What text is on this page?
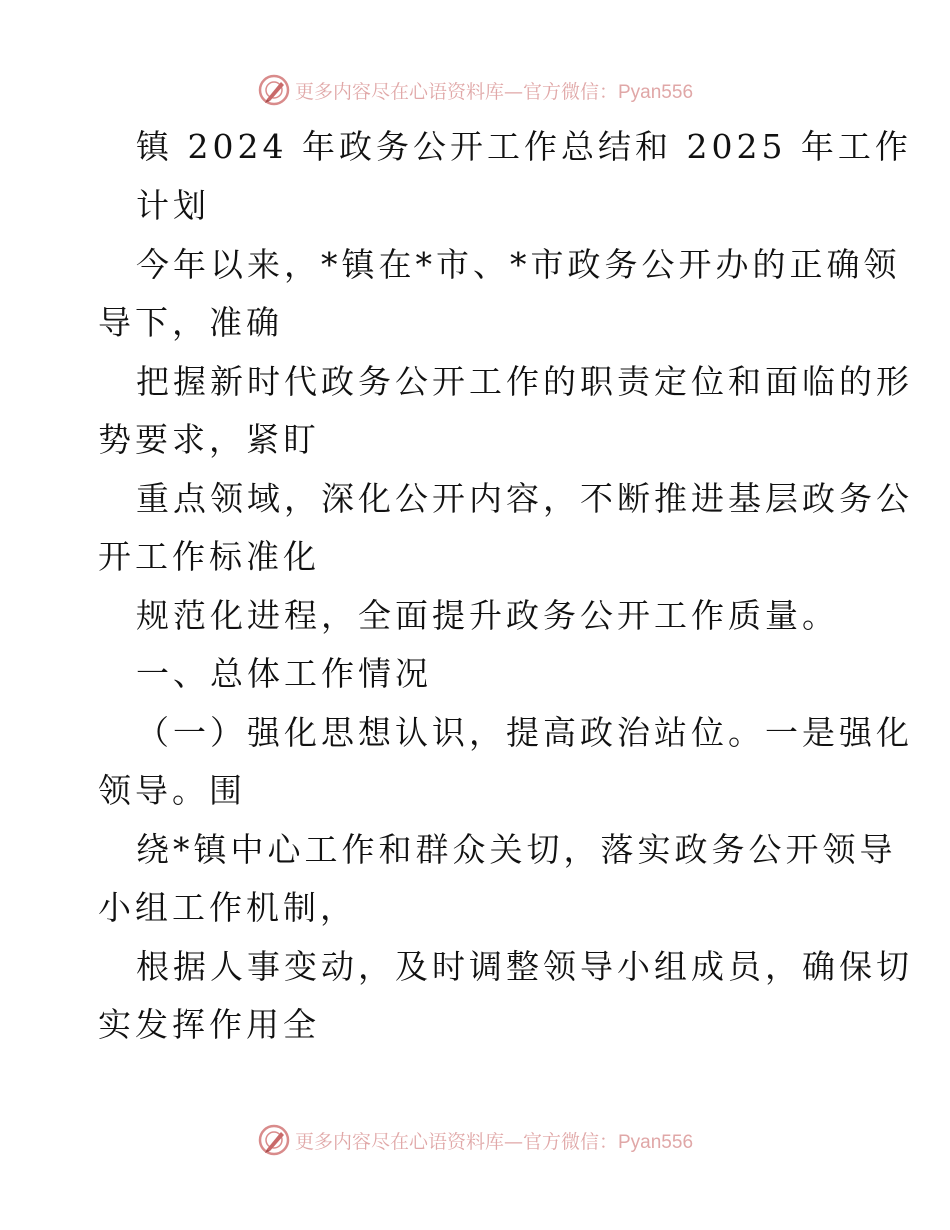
更多内容尽在心语资料库—官方微信：Pyan556
镇 2024 年政务公开工作总结和 2025 年工作
计划
今年以来，*镇在*市、*市政务公开办的正确领
导下，准确
把握新时代政务公开工作的职责定位和面临的形
势要求，紧盯
重点领域，深化公开内容，不断推进基层政务公
开工作标准化
规范化进程，全面提升政务公开工作质量。
一、总体工作情况
（一）强化思想认识，提高政治站位。一是强化
领导。围
绕*镇中心工作和群众关切，落实政务公开领导
小组工作机制，
根据人事变动，及时调整领导小组成员，确保切
实发挥作用全
更多内容尽在心语资料库—官方微信：Pyan556
